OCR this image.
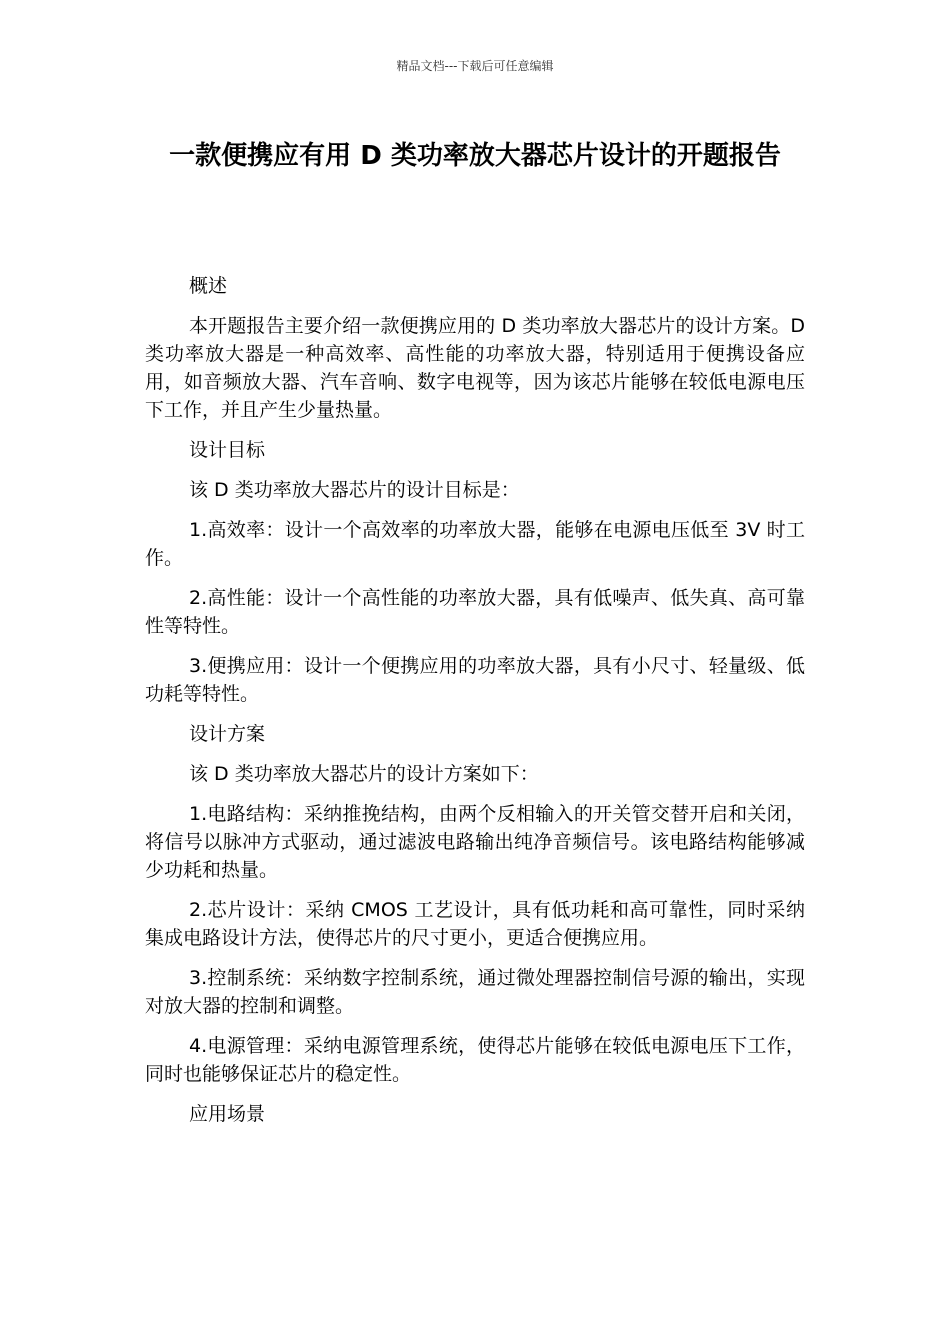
精品文档---下载后可任意编辑
一款便携应有用 D 类功率放大器芯片设计的开题报告

概述

本开题报告主要介绍一款便携应用的 D 类功率放大器芯片的设计方案。D 类功率放大器是一种高效率、高性能的功率放大器，特别适用于便携设备应用，如音频放大器、汽车音响、数字电视等，因为该芯片能够在较低电源电压下工作，并且产生少量热量。

设计目标

该 D 类功率放大器芯片的设计目标是：

1.高效率：设计一个高效率的功率放大器，能够在电源电压低至 3V 时工作。

2.高性能：设计一个高性能的功率放大器，具有低噪声、低失真、高可靠性等特性。

3.便携应用：设计一个便携应用的功率放大器，具有小尺寸、轻量级、低功耗等特性。

设计方案

该 D 类功率放大器芯片的设计方案如下：

1.电路结构：采纳推挽结构，由两个反相输入的开关管交替开启和关闭，将信号以脉冲方式驱动，通过滤波电路输出纯净音频信号。该电路结构能够减少功耗和热量。

2.芯片设计：采纳 CMOS 工艺设计，具有低功耗和高可靠性，同时采纳集成电路设计方法，使得芯片的尺寸更小，更适合便携应用。

3.控制系统：采纳数字控制系统，通过微处理器控制信号源的输出，实现对放大器的控制和调整。

4.电源管理：采纳电源管理系统，使得芯片能够在较低电源电压下工作，同时也能够保证芯片的稳定性。

应用场景
